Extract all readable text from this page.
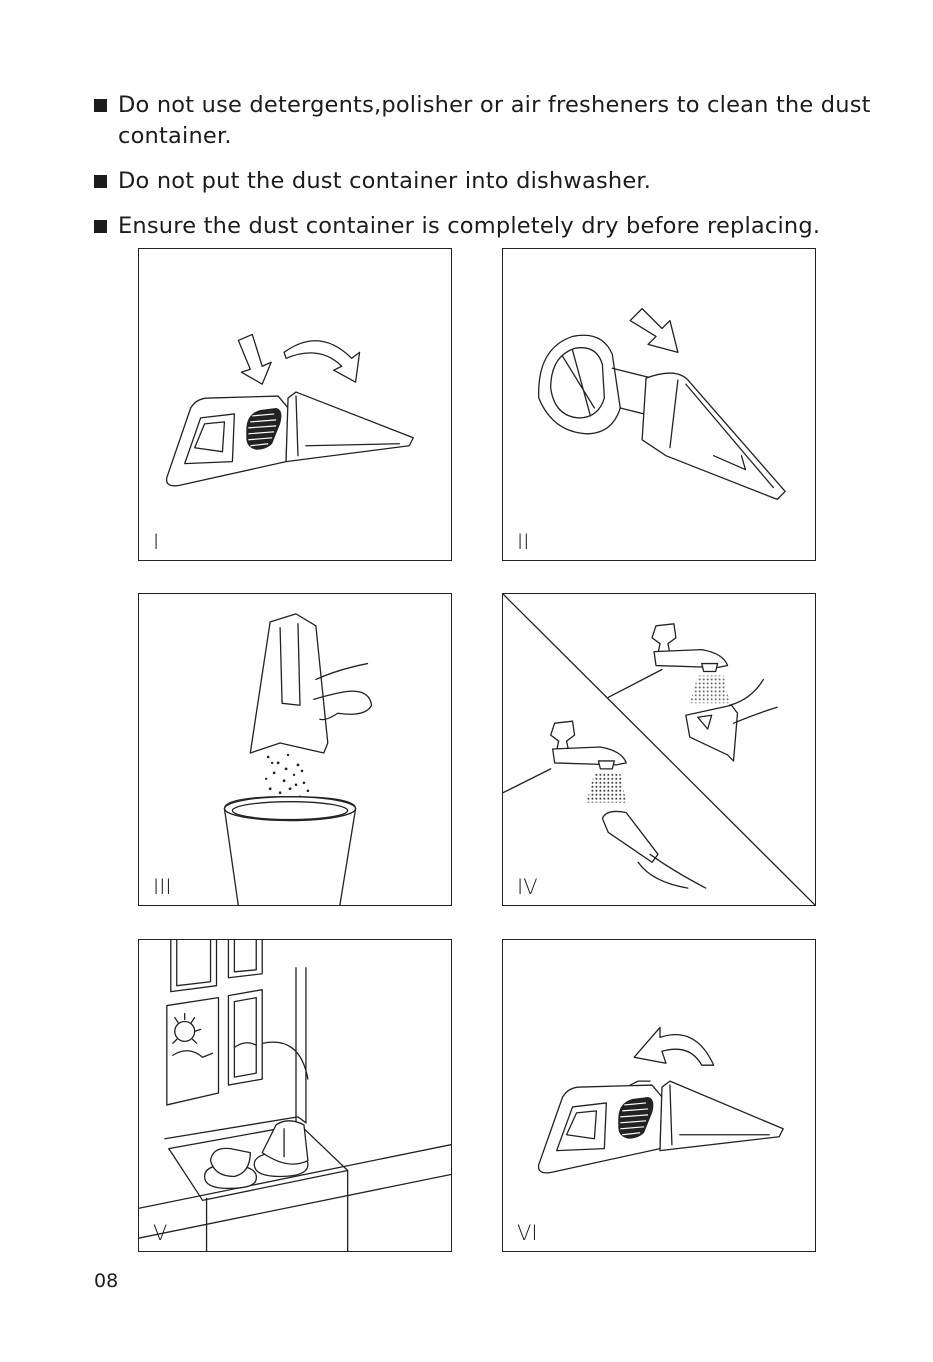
Do not use detergents,polisher or air fresheners to clean the dust container.
Do not put the dust container into dishwasher.
Ensure the dust container is completely dry before replacing.
I	II
III	IV
V	VI
08
